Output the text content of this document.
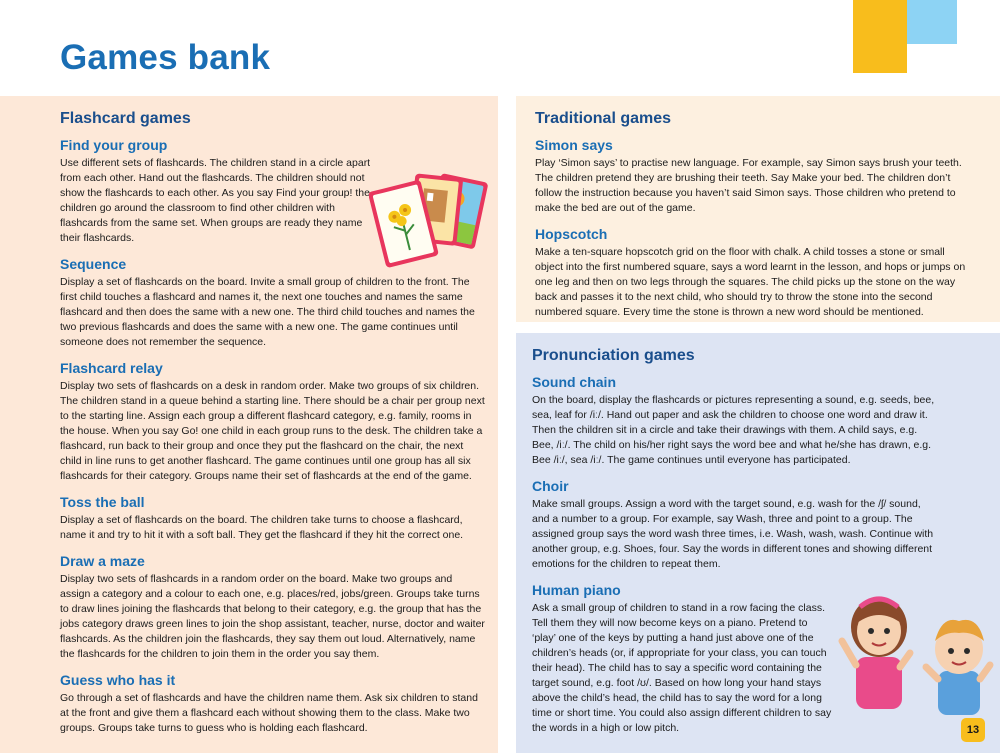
Games bank
Flashcard games
Find your group

Use different sets of flashcards. The children stand in a circle apart from each other. Hand out the flashcards. The children should not show the flashcards to each other. As you say Find your group! the children go around the classroom to find other children with flashcards from the same set. When groups are ready they name their flashcards.

Sequence

Display a set of flashcards on the board. Invite a small group of children to the front. The first child touches a flashcard and names it, the next one touches and names the same flashcard and then does the same with a new one. The third child touches and names the two previous flashcards and does the same with a new one. The game continues until someone does not remember the sequence.

Flashcard relay

Display two sets of flashcards on a desk in random order. Make two groups of six children. The children stand in a queue behind a starting line. There should be a chair per group next to the starting line. Assign each group a different flashcard category, e.g. family, rooms in the house. When you say Go! one child in each group runs to the desk. The children take a flashcard, run back to their group and once they put the flashcard on the chair, the next child in line runs to get another flashcard. The game continues until one group has all six flashcards for their category. Groups name their set of flashcards at the end of the game.

Toss the ball

Display a set of flashcards on the board. The children take turns to choose a flashcard, name it and try to hit it with a soft ball. They get the flashcard if they hit the correct one.

Draw a maze

Display two sets of flashcards in a random order on the board. Make two groups and assign a category and a colour to each one, e.g. places/red, jobs/green. Groups take turns to draw lines joining the flashcards that belong to their category, e.g. the group that has the jobs category draws green lines to join the shop assistant, teacher, nurse, doctor and waiter flashcards. As the children join the flashcards, they say them out loud. Alternatively, name the flashcards for the children to join them in the order you say them.

Guess who has it

Go through a set of flashcards and have the children name them. Ask six children to stand at the front and give them a flashcard each without showing them to the class. Make two groups. Groups take turns to guess who is holding each flashcard.

Traditional games
Simon says

Play ‘Simon says’ to practise new language. For example, say Simon says brush your teeth. The children pretend they are brushing their teeth. Say Make your bed. The children don’t follow the instruction because you haven’t said Simon says. Those children who pretend to make the bed are out of the game.

Hopscotch

Make a ten-square hopscotch grid on the floor with chalk. A child tosses a stone or small object into the first numbered square, says a word learnt in the lesson, and hops or jumps on one leg and then on two legs through the squares. The child picks up the stone on the way back and passes it to the next child, who should try to throw the stone into the second numbered square. Every time the stone is thrown a new word should be mentioned.

Pronunciation games
Sound chain

On the board, display the flashcards or pictures representing a sound, e.g. seeds, bee, sea, leaf for /iː/. Hand out paper and ask the children to choose one word and draw it. Then the children sit in a circle and take their drawings with them. A child says, e.g. Bee, /iː/. The child on his/her right says the word bee and what he/she has drawn, e.g. Bee /iː/, sea /iː/. The game continues until everyone has participated.

Choir

Make small groups. Assign a word with the target sound, e.g. wash for the /ʃ/ sound, and a number to a group. For example, say Wash, three and point to a group. The assigned group says the word wash three times, i.e. Wash, wash, wash. Continue with another group, e.g. Shoes, four. Say the words in different tones and showing different emotions for the children to repeat them.

Human piano

Ask a small group of children to stand in a row facing the class. Tell them they will now become keys on a piano. Pretend to ‘play’ one of the keys by putting a hand just above one of the children’s heads (or, if appropriate for your class, you can touch their head). The child has to say a specific word containing the target sound, e.g. foot /ʊ/. Based on how long your hand stays above the child’s head, the child has to say the word for a long time or short time. You could also assign different children to say the words in a high or low pitch.	13
